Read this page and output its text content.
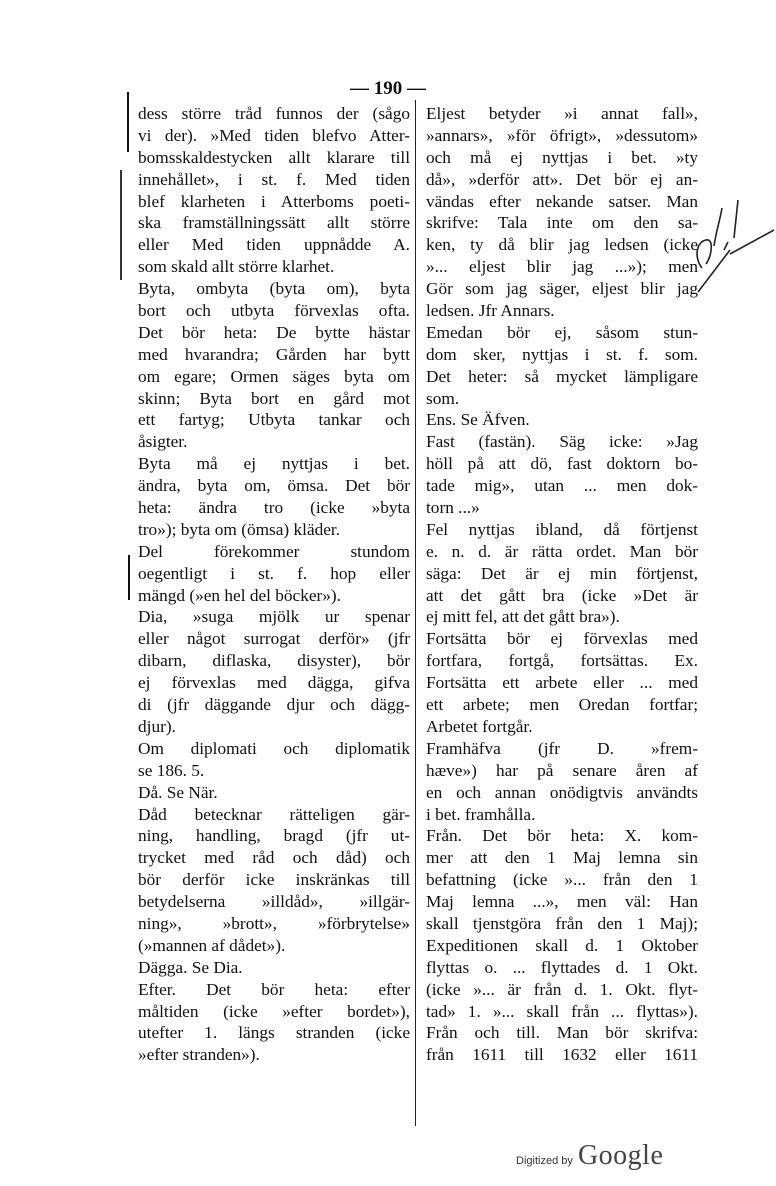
— 190 —
dess större tråd funnos der (sågo
vi der). »Med tiden blefvo Atter-
bomsskaldestycken allt klarare till
innehållet», i st. f. Med tiden
blef klarheten i Atterboms poeti-
ska framställningssätt allt större
eller Med tiden uppnådde A.
som skald allt större klarhet.
Byta, ombyta (byta om), byta
bort och utbyta förvexlas ofta.
Det bör heta: De bytte hästar
med hvarandra; Gården har bytt
om egare; Ormen säges byta om
skinn; Byta bort en gård mot
ett fartyg; Utbyta tankar och
åsigter.
Byta må ej nyttjas i bet.
ändra, byta om, ömsa. Det bör
heta: ändra tro (icke »byta
tro»); byta om (ömsa) kläder.
Del förekommer stundom
oegentligt i st. f. hop eller
mängd (»en hel del böcker»).
Dia, »suga mjölk ur spenar
eller något surrogat derför» (jfr
dibarn, diflaska, disyster), bör
ej förvexlas med dägga, gifva
di (jfr däggande djur och dägg-
djur).
Om diplomati och diplomatik
se 186. 5.
Då. Se När.
Dåd betecknar rätteligen gär-
ning, handling, bragd (jfr ut-
trycket med råd och dåd) och
bör derför icke inskränkas till
betydelserna »illdåd», »illgär-
ning», »brott», »förbrytelse»
(»mannen af dådet»).
Dägga. Se Dia.
Efter. Det bör heta: efter
måltiden (icke »efter bordet»),
utefter 1. längs stranden (icke
»efter stranden»).
Eljest betyder »i annat fall»,
»annars», »för öfrigt», »dessutom»
och må ej nyttjas i bet. »ty
då», »derför att». Det bör ej an-
vändas efter nekande satser. Man
skrifve: Tala inte om den sa-
ken, ty då blir jag ledsen (icke
»... eljest blir jag ...»); men
Gör som jag säger, eljest blir jag
ledsen. Jfr Annars.
Emedan bör ej, såsom stun-
dom sker, nyttjas i st. f. som.
Det heter: så mycket lämpligare
som.
Ens. Se Äfven.
Fast (fastän). Säg icke: »Jag
höll på att dö, fast doktorn bo-
tade mig», utan ... men dok-
torn ...»
Fel nyttjas ibland, då förtjenst
e. n. d. är rätta ordet. Man bör
säga: Det är ej min förtjenst,
att det gått bra (icke »Det är
ej mitt fel, att det gått bra»).
Fortsätta bör ej förvexlas med
fortfara, fortgå, fortsättas. Ex.
Fortsätta ett arbete eller ... med
ett arbete; men Oredan fortfar;
Arbetet fortgår.
Framhäfva (jfr D. »frem-
hæve») har på senare åren af
en och annan onödigtvis användts
i bet. framhålla.
Från. Det bör heta: X. kom-
mer att den 1 Maj lemna sin
befattning (icke »... från den 1
Maj lemna ...», men väl: Han
skall tjenstgöra från den 1 Maj);
Expeditionen skall d. 1 Oktober
flyttas o. ... flyttades d. 1 Okt.
(icke »... är från d. 1. Okt. flyt-
tad» 1. »... skall från ... flyttas»).
Från och till. Man bör skrifva:
från 1611 till 1632 eller 1611
Digitized by Google
